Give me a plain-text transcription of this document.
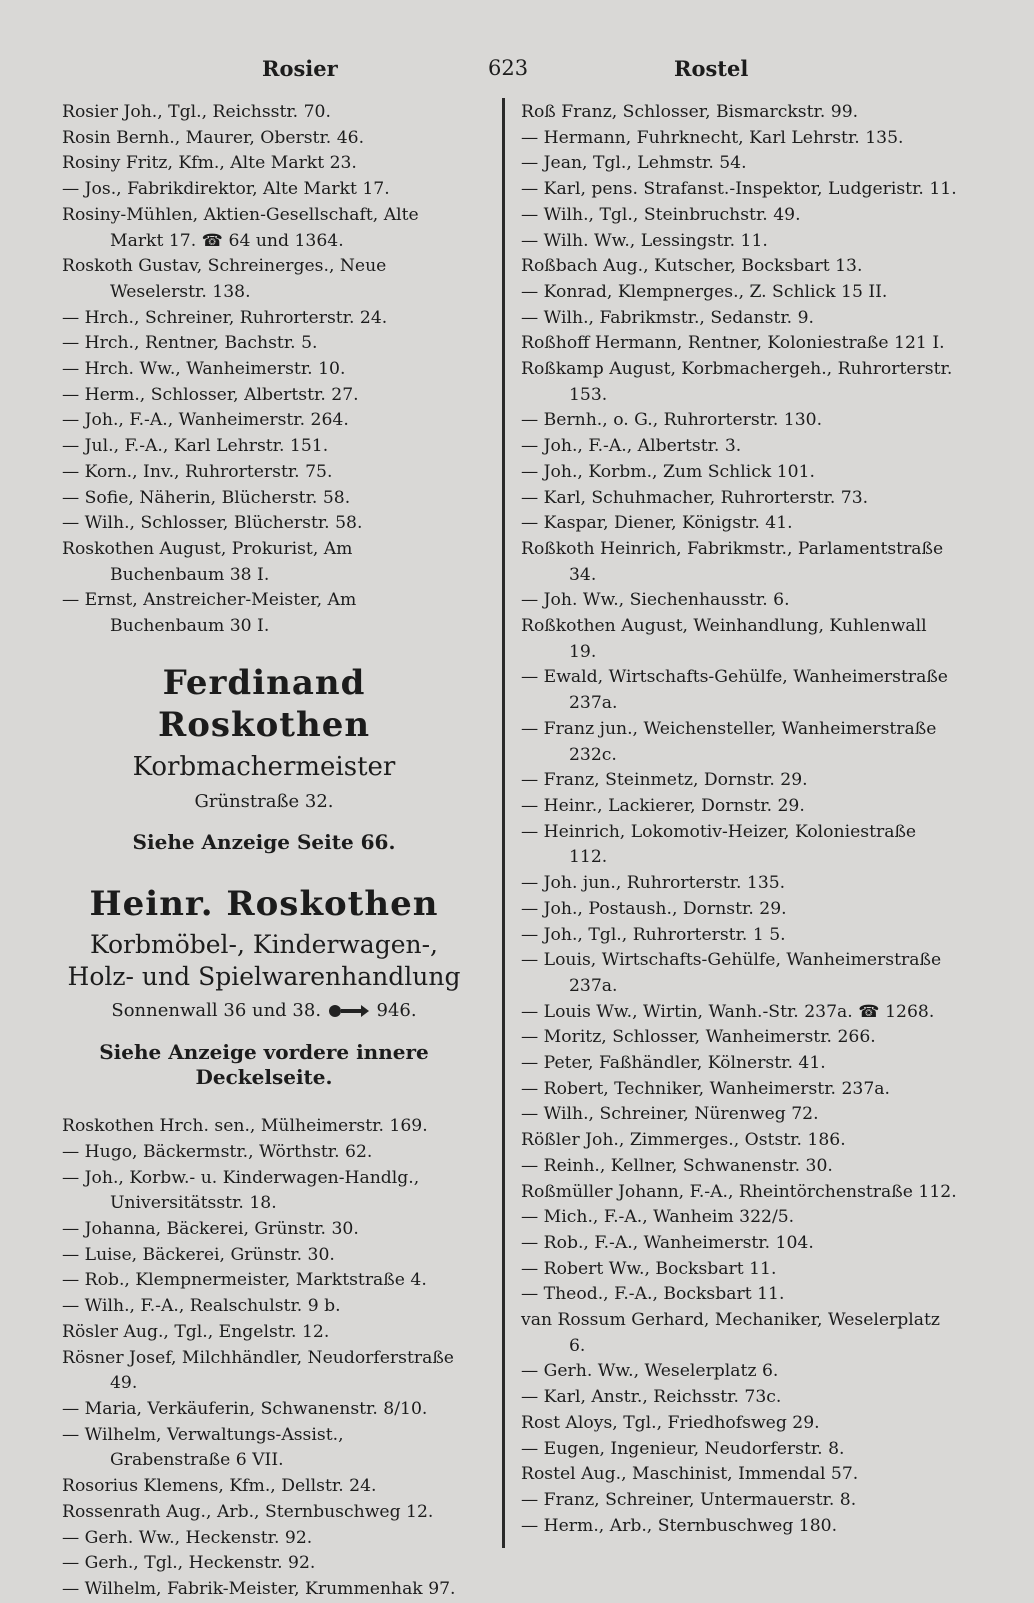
Rosier	623	Rostel

Rosier Joh., Tgl., Reichsstr. 70.

Rosin Bernh., Maurer, Oberstr. 46.

Rosiny Fritz, Kfm., Alte Markt 23.

— Jos., Fabrikdirektor, Alte Markt 17.

Rosiny-Mühlen, Aktien-Gesellschaft, Alte Markt 17. ☎ 64 und 1364.

Roskoth Gustav, Schreinerges., Neue Weselerstr. 138.

— Hrch., Schreiner, Ruhrorterstr. 24.

— Hrch., Rentner, Bachstr. 5.

— Hrch. Ww., Wanheimerstr. 10.

— Herm., Schlosser, Albertstr. 27.

— Joh., F.-A., Wanheimerstr. 264.

— Jul., F.-A., Karl Lehrstr. 151.

— Korn., Inv., Ruhrorterstr. 75.

— Sofie, Näherin, Blücherstr. 58.

— Wilh., Schlosser, Blücherstr. 58.

Roskothen August, Prokurist, Am Buchenbaum 38 I.

— Ernst, Anstreicher-Meister, Am Buchenbaum 30 I.

Ferdinand Roskothen
Korbmachermeister
Grünstraße 32.
Siehe Anzeige Seite 66.
Heinr. Roskothen
Korbmöbel-, Kinderwagen-, Holz- und Spielwarenhandlung
Sonnenwall 36 und 38.	946.
Siehe Anzeige vordere innere Deckelseite.

Roskothen Hrch. sen., Mülheimerstr. 169.

— Hugo, Bäckermstr., Wörthstr. 62.

— Joh., Korbw.- u. Kinderwagen-Handlg., Universitätsstr. 18.

— Johanna, Bäckerei, Grünstr. 30.

— Luise, Bäckerei, Grünstr. 30.

— Rob., Klempnermeister, Marktstraße 4.

— Wilh., F.-A., Realschulstr. 9 b.

Rösler Aug., Tgl., Engelstr. 12.

Rösner Josef, Milchhändler, Neudorferstraße 49.

— Maria, Verkäuferin, Schwanenstr. 8/10.

— Wilhelm, Verwaltungs-Assist., Grabenstraße 6 VII.

Rosorius Klemens, Kfm., Dellstr. 24.

Rossenrath Aug., Arb., Sternbuschweg 12.

— Gerh. Ww., Heckenstr. 92.

— Gerh., Tgl., Heckenstr. 92.

— Wilhelm, Fabrik-Meister, Krummenhak 97.

Roß Franz, Schlosser, Bismarckstr. 99.

— Hermann, Fuhrknecht, Karl Lehrstr. 135.

— Jean, Tgl., Lehmstr. 54.

— Karl, pens. Strafanst.-Inspektor, Ludgeristr. 11.

— Wilh., Tgl., Steinbruchstr. 49.

— Wilh. Ww., Lessingstr. 11.

Roßbach Aug., Kutscher, Bocksbart 13.

— Konrad, Klempnerges., Z. Schlick 15 II.

— Wilh., Fabrikmstr., Sedanstr. 9.

Roßhoff Hermann, Rentner, Koloniestraße 121 I.

Roßkamp August, Korbmachergeh., Ruhrorterstr. 153.

— Bernh., o. G., Ruhrorterstr. 130.

— Joh., F.-A., Albertstr. 3.

— Joh., Korbm., Zum Schlick 101.

— Karl, Schuhmacher, Ruhrorterstr. 73.

— Kaspar, Diener, Königstr. 41.

Roßkoth Heinrich, Fabrikmstr., Parlamentstraße 34.

— Joh. Ww., Siechenhausstr. 6.

Roßkothen August, Weinhandlung, Kuhlenwall 19.

— Ewald, Wirtschafts-Gehülfe, Wanheimerstraße 237a.

— Franz jun., Weichensteller, Wanheimerstraße 232c.

— Franz, Steinmetz, Dornstr. 29.

— Heinr., Lackierer, Dornstr. 29.

— Heinrich, Lokomotiv-Heizer, Koloniestraße 112.

— Joh. jun., Ruhrorterstr. 135.

— Joh., Postaush., Dornstr. 29.

— Joh., Tgl., Ruhrorterstr. 1 5.

— Louis, Wirtschafts-Gehülfe, Wanheimerstraße 237a.

— Louis Ww., Wirtin, Wanh.-Str. 237a. ☎ 1268.

— Moritz, Schlosser, Wanheimerstr. 266.

— Peter, Faßhändler, Kölnerstr. 41.

— Robert, Techniker, Wanheimerstr. 237a.

— Wilh., Schreiner, Nürenweg 72.

Rößler Joh., Zimmerges., Oststr. 186.

— Reinh., Kellner, Schwanenstr. 30.

Roßmüller Johann, F.-A., Rheintörchenstraße 112.

— Mich., F.-A., Wanheim 322/5.

— Rob., F.-A., Wanheimerstr. 104.

— Robert Ww., Bocksbart 11.

— Theod., F.-A., Bocksbart 11.

van Rossum Gerhard, Mechaniker, Weselerplatz 6.

— Gerh. Ww., Weselerplatz 6.

— Karl, Anstr., Reichsstr. 73c.

Rost Aloys, Tgl., Friedhofsweg 29.

— Eugen, Ingenieur, Neudorferstr. 8.

Rostel Aug., Maschinist, Immendal 57.

— Franz, Schreiner, Untermauerstr. 8.

— Herm., Arb., Sternbuschweg 180.
